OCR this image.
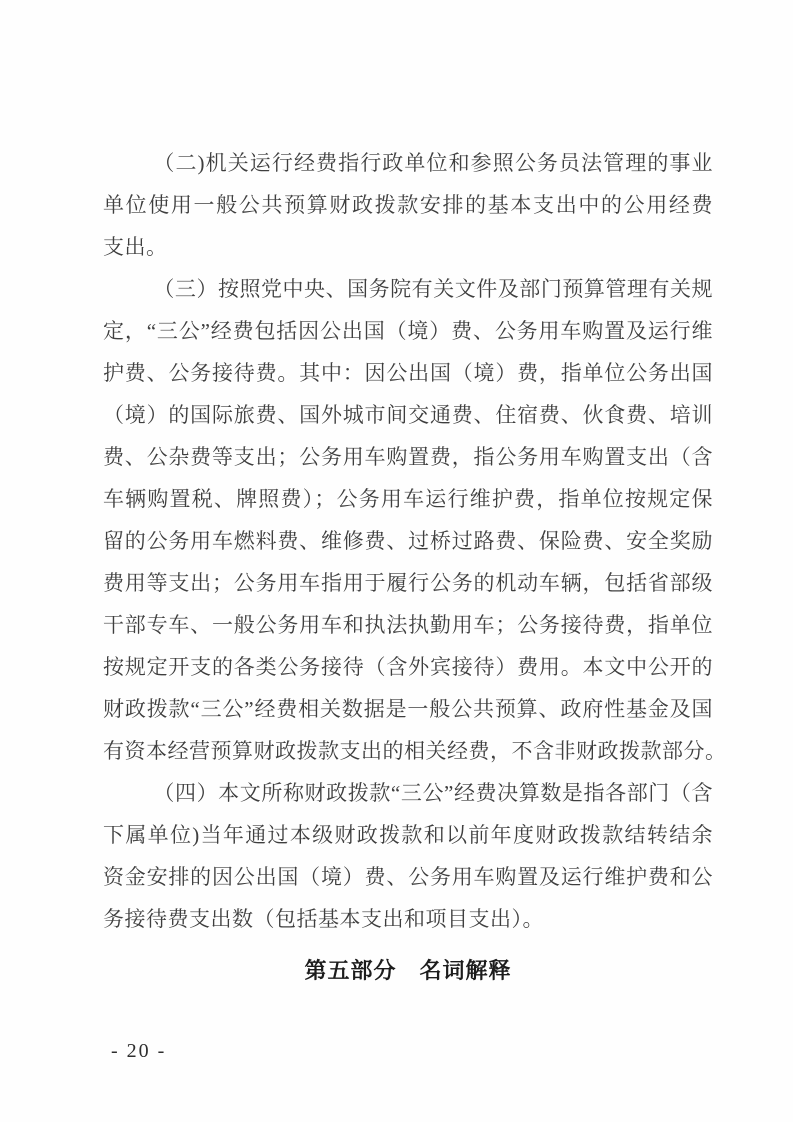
（二)机关运行经费指行政单位和参照公务员法管理的事业
单位使用一般公共预算财政拨款安排的基本支出中的公用经费
支出。
（三）按照党中央、国务院有关文件及部门预算管理有关规
定，“三公”经费包括因公出国（境）费、公务用车购置及运行维
护费、公务接待费。其中：因公出国（境）费，指单位公务出国
（境）的国际旅费、国外城市间交通费、住宿费、伙食费、培训
费、公杂费等支出；公务用车购置费，指公务用车购置支出（含
车辆购置税、牌照费）；公务用车运行维护费，指单位按规定保
留的公务用车燃料费、维修费、过桥过路费、保险费、安全奖励
费用等支出；公务用车指用于履行公务的机动车辆，包括省部级
干部专车、一般公务用车和执法执勤用车；公务接待费，指单位
按规定开支的各类公务接待（含外宾接待）费用。本文中公开的
财政拨款“三公”经费相关数据是一般公共预算、政府性基金及国
有资本经营预算财政拨款支出的相关经费，不含非财政拨款部分。
（四）本文所称财政拨款“三公”经费决算数是指各部门（含
下属单位)当年通过本级财政拨款和以前年度财政拨款结转结余
资金安排的因公出国（境）费、公务用车购置及运行维护费和公
务接待费支出数（包括基本支出和项目支出）。
第五部分　名词解释
- 20 -
